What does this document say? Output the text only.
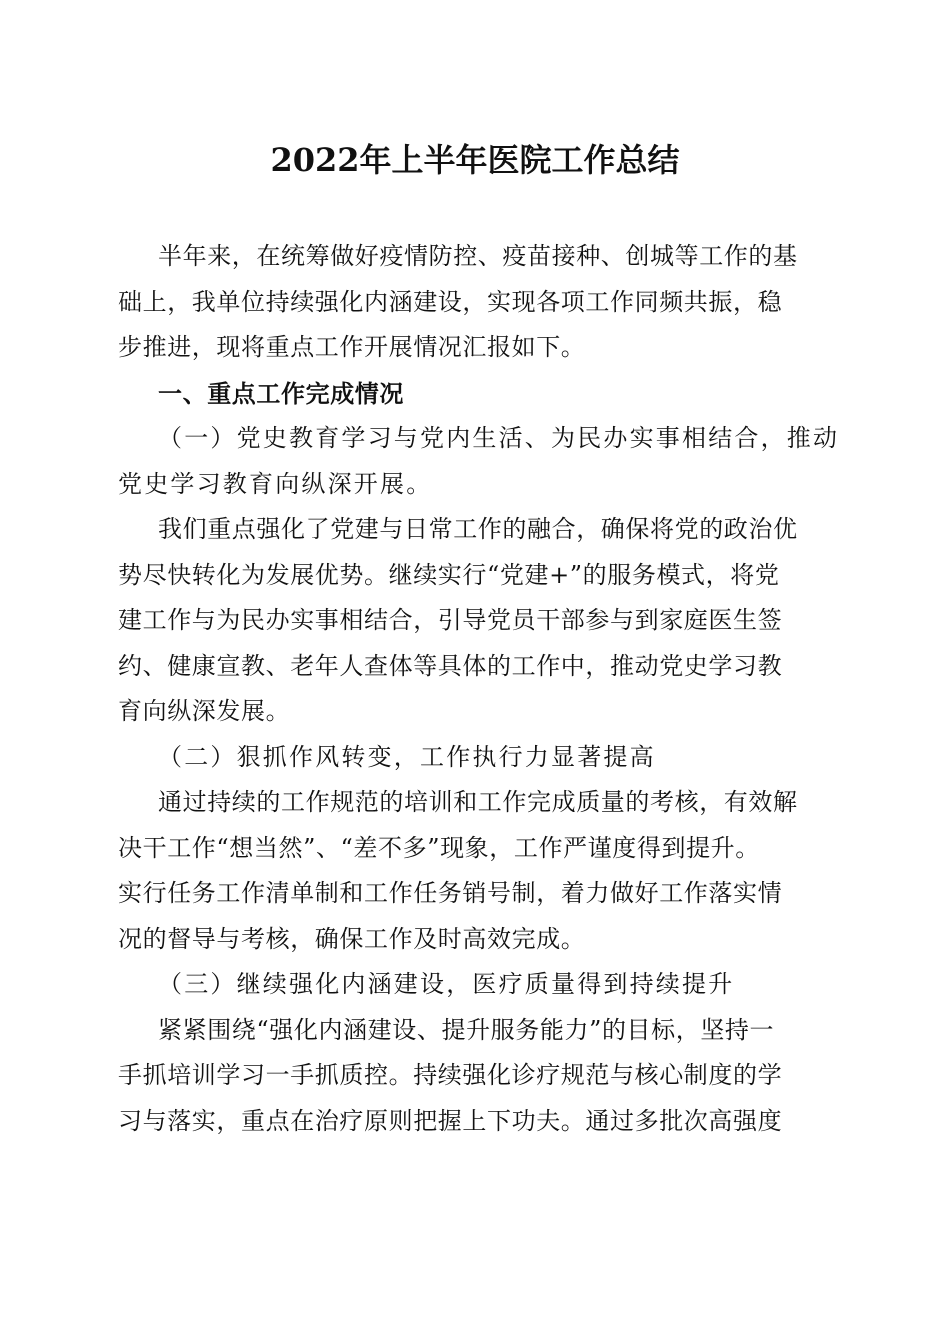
2022年上半年医院工作总结
半年来，在统筹做好疫情防控、疫苗接种、创城等工作的基
础上，我单位持续强化内涵建设，实现各项工作同频共振，稳
步推进，现将重点工作开展情况汇报如下。
一、重点工作完成情况
（一）党史教育学习与党内生活、为民办实事相结合，推动
党史学习教育向纵深开展。
我们重点强化了党建与日常工作的融合，确保将党的政治优
势尽快转化为发展优势。继续实行“党建+”的服务模式，将党
建工作与为民办实事相结合，引导党员干部参与到家庭医生签
约、健康宣教、老年人查体等具体的工作中，推动党史学习教
育向纵深发展。
（二）狠抓作风转变，工作执行力显著提高
通过持续的工作规范的培训和工作完成质量的考核，有效解
决干工作“想当然”、“差不多”现象，工作严谨度得到提升。
实行任务工作清单制和工作任务销号制，着力做好工作落实情
况的督导与考核，确保工作及时高效完成。
（三）继续强化内涵建设，医疗质量得到持续提升
紧紧围绕“强化内涵建设、提升服务能力”的目标，坚持一
手抓培训学习一手抓质控。持续强化诊疗规范与核心制度的学
习与落实，重点在治疗原则把握上下功夫。通过多批次高强度
